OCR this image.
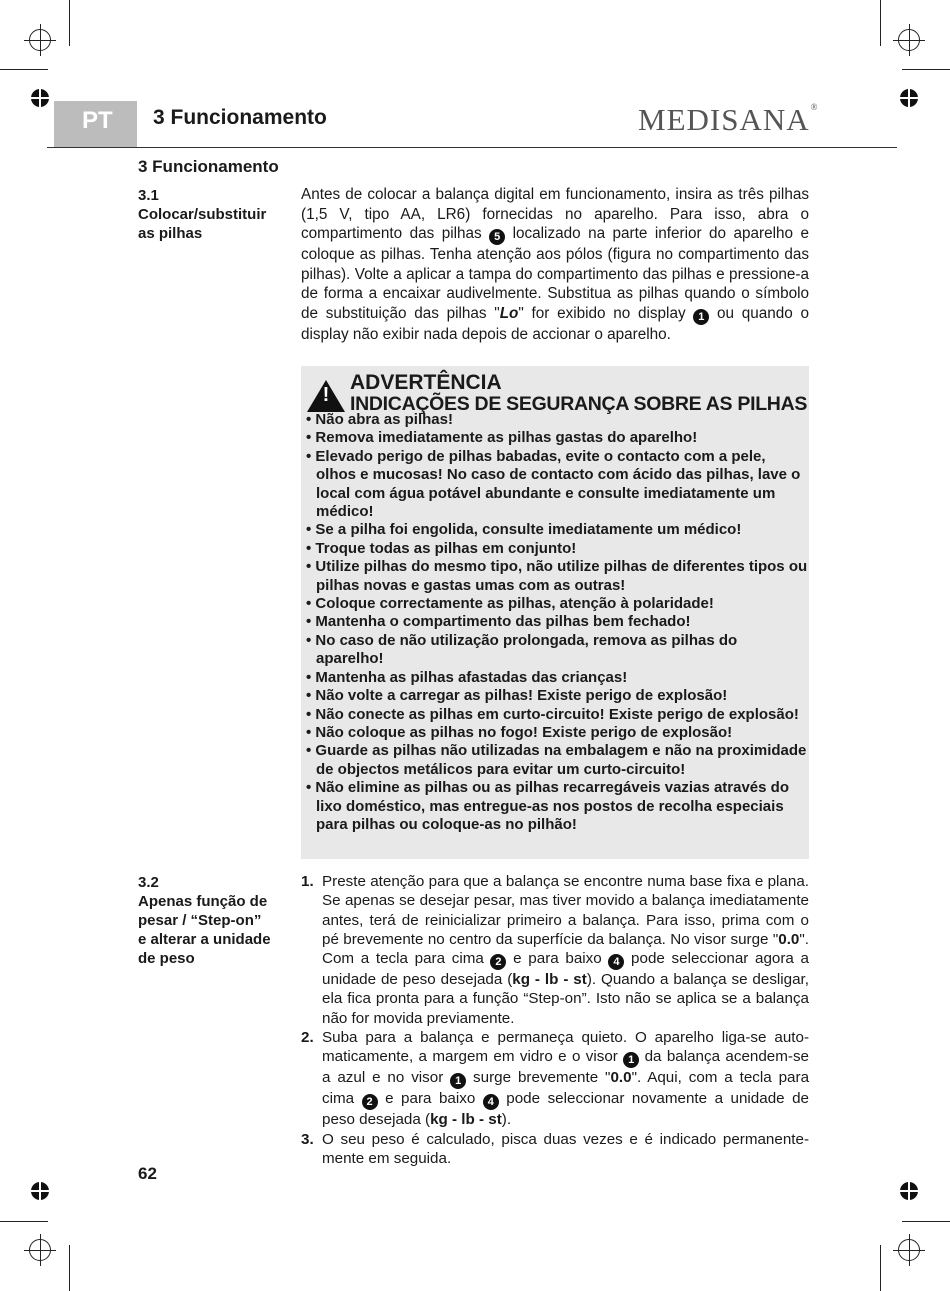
PT	3 Funcionamento	MEDISANA®
3 Funcionamento
3.1
Colocar/substituir
as pilhas
Antes de colocar a balança digital em funcionamento, insira as três pilhas (1,5 V, tipo AA, LR6) fornecidas no aparelho. Para isso, abra o compartimento das pilhas 5 localizado na parte inferior do aparelho e coloque as pilhas. Tenha atenção aos pólos (figura no compartimento das pilhas). Volte a aplicar a tampa do compartimento das pilhas e pressione-a de forma a encaixar audivelmente. Substitua as pilhas quando o símbolo de substituição das pilhas "Lo" for exibido no display 1 ou quando o display não exibir nada depois de accionar o aparelho.
!
ADVERTÊNCIA
INDICAÇÕES DE SEGURANÇA SOBRE AS PILHAS
• Não abra as pilhas!
• Remova imediatamente as pilhas gastas do aparelho!
• Elevado perigo de pilhas babadas, evite o contacto com a pele, olhos e mucosas! No caso de contacto com ácido das pilhas, lave o local com água potável abundante e consulte imediatamente um médico!
• Se a pilha foi engolida, consulte imediatamente um médico!
• Troque todas as pilhas em conjunto!
• Utilize pilhas do mesmo tipo, não utilize pilhas de diferentes tipos ou pilhas novas e gastas umas com as outras!
• Coloque correctamente as pilhas, atenção à polaridade!
• Mantenha o compartimento das pilhas bem fechado!
• No caso de não utilização prolongada, remova as pilhas do aparelho!
• Mantenha as pilhas afastadas das crianças!
• Não volte a carregar as pilhas! Existe perigo de explosão!
• Não conecte as pilhas em curto-circuito! Existe perigo de explosão!
• Não coloque as pilhas no fogo! Existe perigo de explosão!
• Guarde as pilhas não utilizadas na embalagem e não na proximidade de objectos metálicos para evitar um curto-circuito!
• Não elimine as pilhas ou as pilhas recarregáveis vazias através do lixo doméstico, mas entregue-as nos postos de recolha especiais para pilhas ou coloque-as no pilhão!
3.2
Apenas função de
pesar / “Step-on”
e alterar a unidade
de peso
1. Preste atenção para que a balança se encontre numa base fixa e plana. Se apenas se desejar pesar, mas tiver movido a balança imediatamente antes, terá de reinicializar primeiro a balança. Para isso, prima com o pé brevemente no centro da superfície da balança. No visor surge "0.0". Com a tecla para cima 2 e para baixo 4 pode seleccionar agora a unidade de peso desejada (kg - lb - st). Quando a balança se desligar, ela fica pronta para a função “Step-on”. Isto não se aplica se a balança não for movida previamente.
2. Suba para a balança e permaneça quieto. O aparelho liga-se automaticamente, a margem em vidro e o visor 1 da balança acendem-se a azul e no visor 1 surge brevemente "0.0". Aqui, com a tecla para cima 2 e para baixo 4 pode seleccionar novamente a unidade de peso desejada (kg - lb - st).
3. O seu peso é calculado, pisca duas vezes e é indicado permanentemente em seguida.
62
